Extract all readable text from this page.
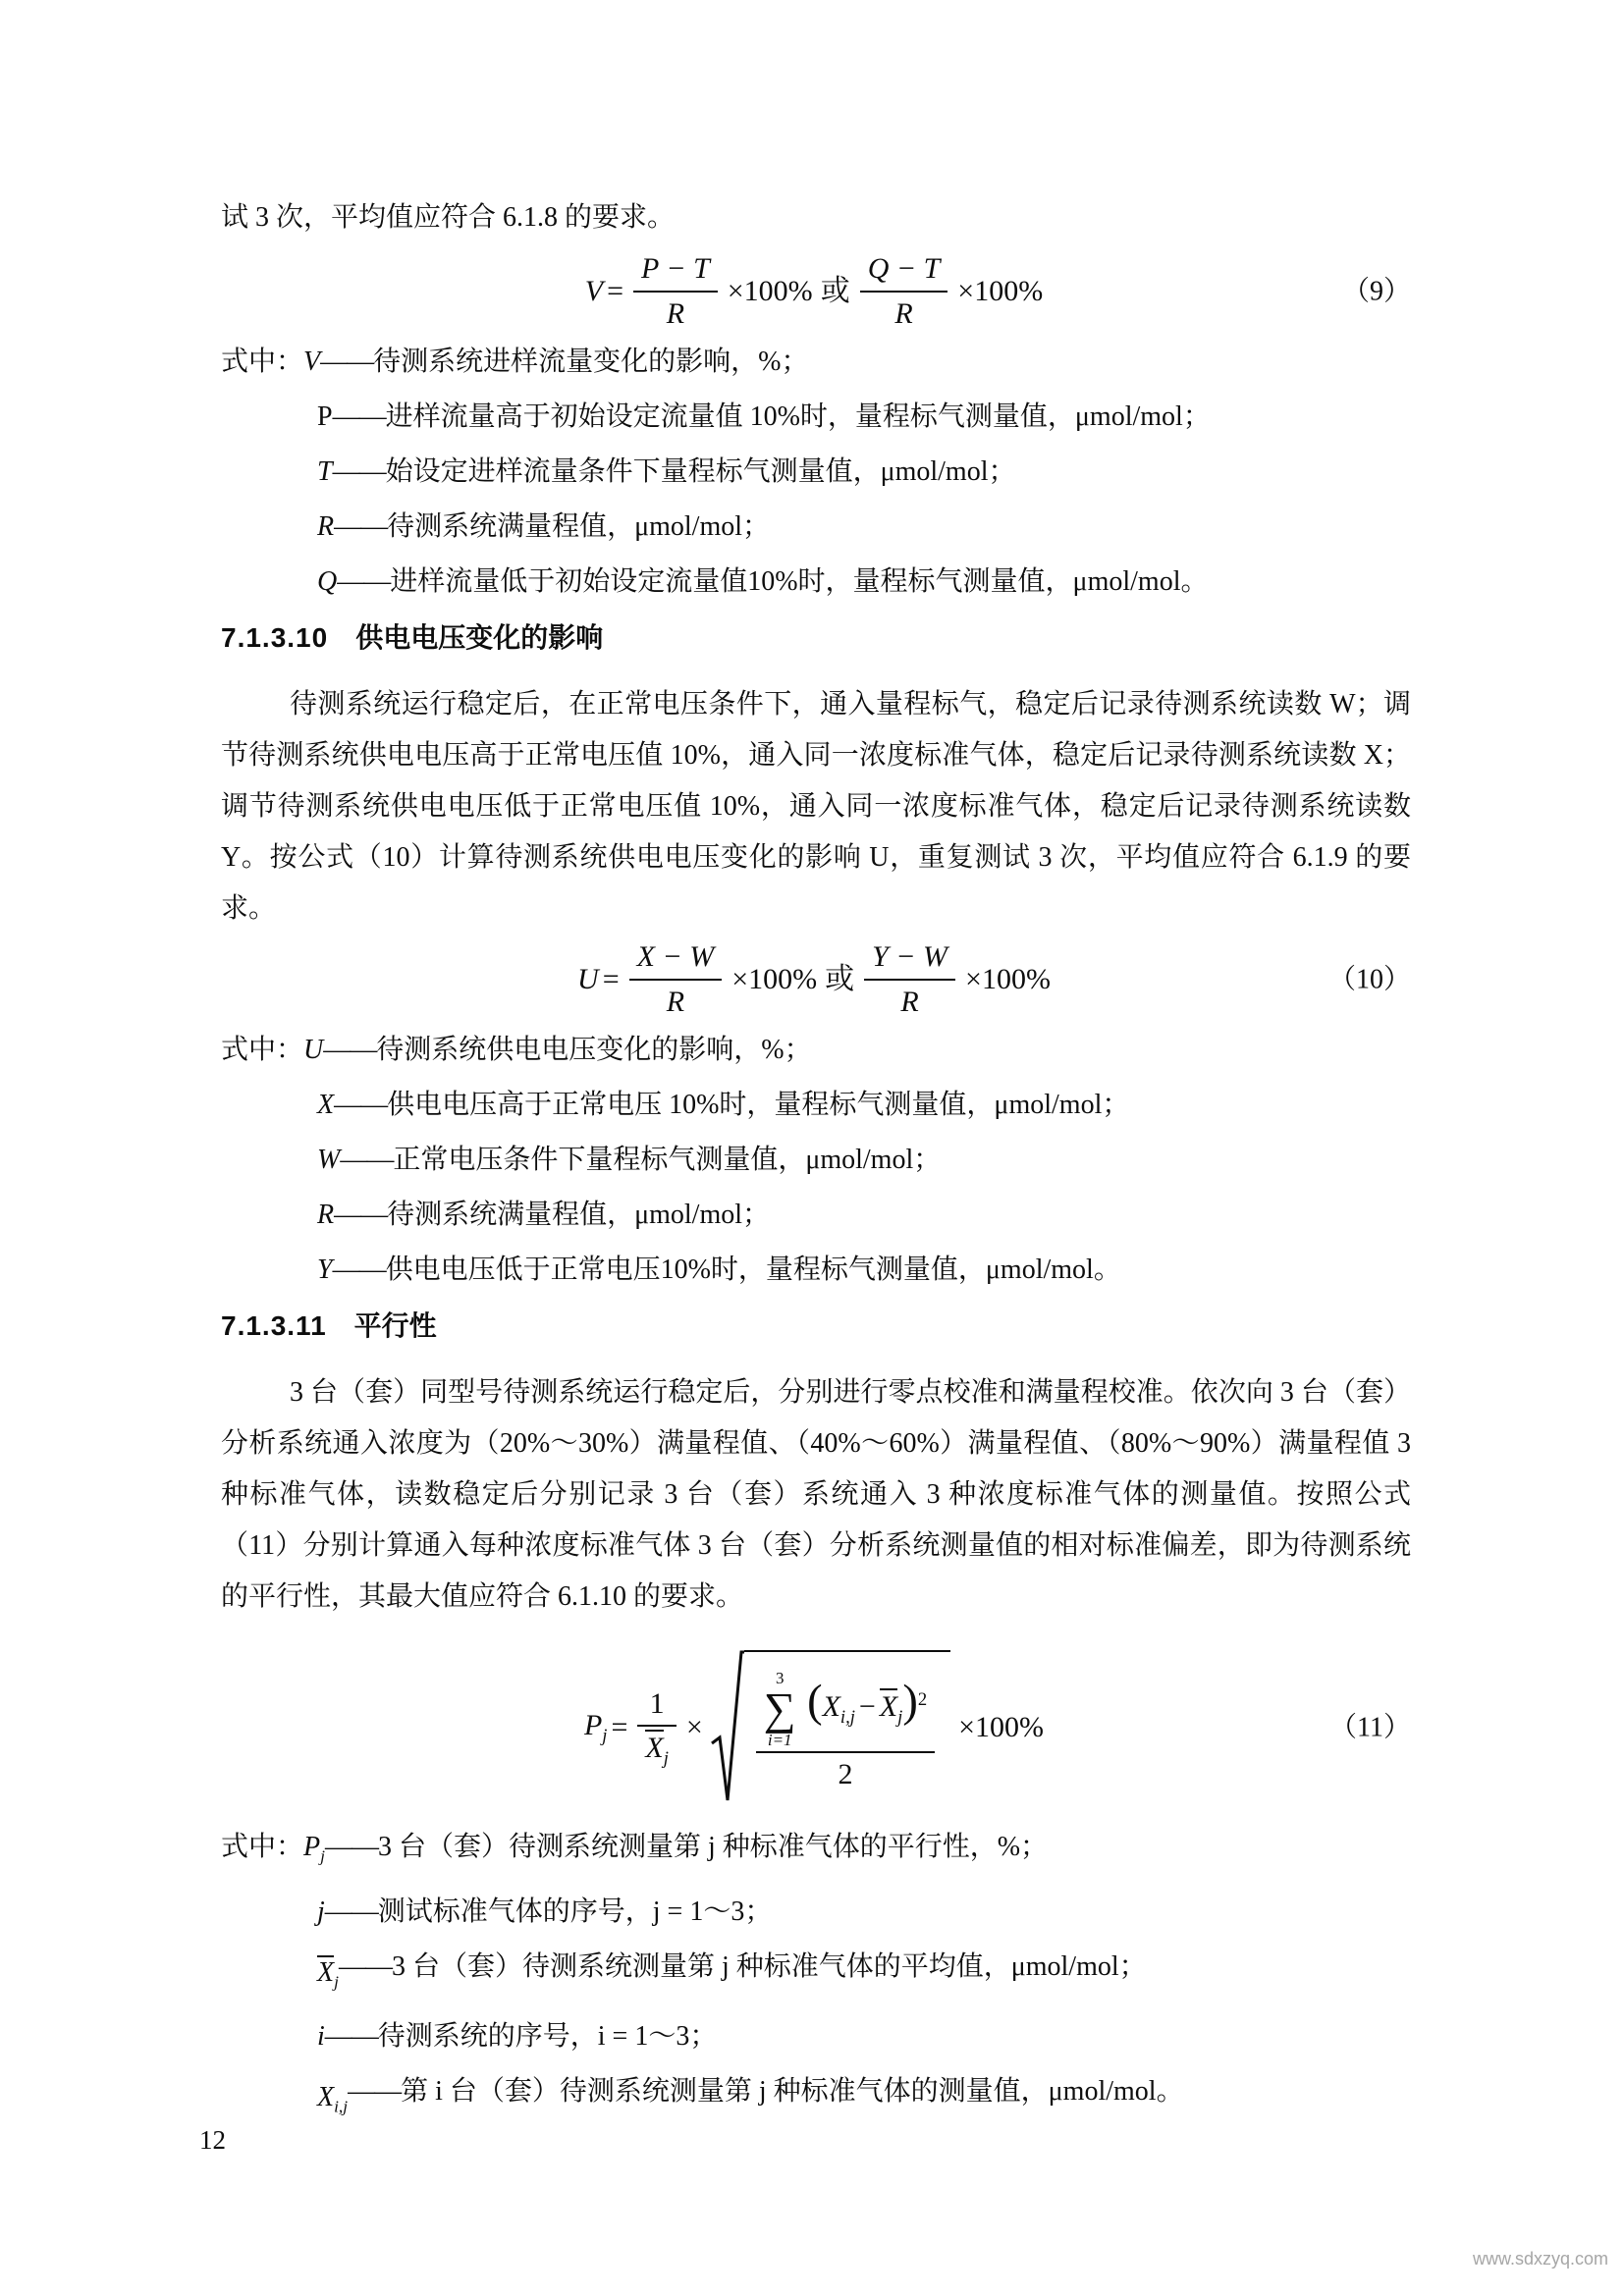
试 3 次，平均值应符合 6.1.8 的要求。
$V = \frac{P - T}{R} \times 100\%$ 或 $\frac{Q - T}{R} \times 100\%$	（9）
式中：V——待测系统进样流量变化的影响，%；
P——进样流量高于初始设定流量值 10%时，量程标气测量值，μmol/mol；
T——始设定进样流量条件下量程标气测量值，μmol/mol；
R——待测系统满量程值，μmol/mol；
Q——进样流量低于初始设定流量值10%时，量程标气测量值，μmol/mol。
7.1.3.10 供电电压变化的影响
待测系统运行稳定后，在正常电压条件下，通入量程标气，稳定后记录待测系统读数 W；调节待测系统供电电压高于正常电压值 10%，通入同一浓度标准气体，稳定后记录待测系统读数 X；调节待测系统供电电压低于正常电压值 10%，通入同一浓度标准气体，稳定后记录待测系统读数 Y。按公式（10）计算待测系统供电电压变化的影响 U，重复测试 3 次，平均值应符合 6.1.9 的要求。
$U = \frac{X - W}{R} \times 100\%$ 或 $\frac{Y - W}{R} \times 100\%$	（10）
式中：U——待测系统供电电压变化的影响，%；
X——供电电压高于正常电压 10%时，量程标气测量值，μmol/mol；
W——正常电压条件下量程标气测量值，μmol/mol；
R——待测系统满量程值，μmol/mol；
Y——供电电压低于正常电压10%时，量程标气测量值，μmol/mol。
7.1.3.11 平行性
3 台（套）同型号待测系统运行稳定后，分别进行零点校准和满量程校准。依次向 3 台（套）分析系统通入浓度为（20%～30%）满量程值、（40%～60%）满量程值、（80%～90%）满量程值 3 种标准气体，读数稳定后分别记录 3 台（套）系统通入 3 种浓度标准气体的测量值。按照公式（11）分别计算通入每种浓度标准气体 3 台（套）分析系统测量值的相对标准偏差，即为待测系统的平行性，其最大值应符合 6.1.10 的要求。
$P_j = \frac{1}{X_j}$ ×
3
∑
i=1
$(X_{i,j} - X_j)^2$
2
×100%	（11）
式中：$P_j——3$ 台（套）待测系统测量第 j 种标准气体的平行性，%；
j——测试标准气体的序号，j = 1～3；
$X_j——3$ 台（套）待测系统测量第 j 种标准气体的平均值，μmol/mol；
i——待测系统的序号，i = 1～3；
$X_{i,j}——$第 i 台（套）待测系统测量第 j 种标准气体的测量值，μmol/mol。
12
www.sdxzyq.com
